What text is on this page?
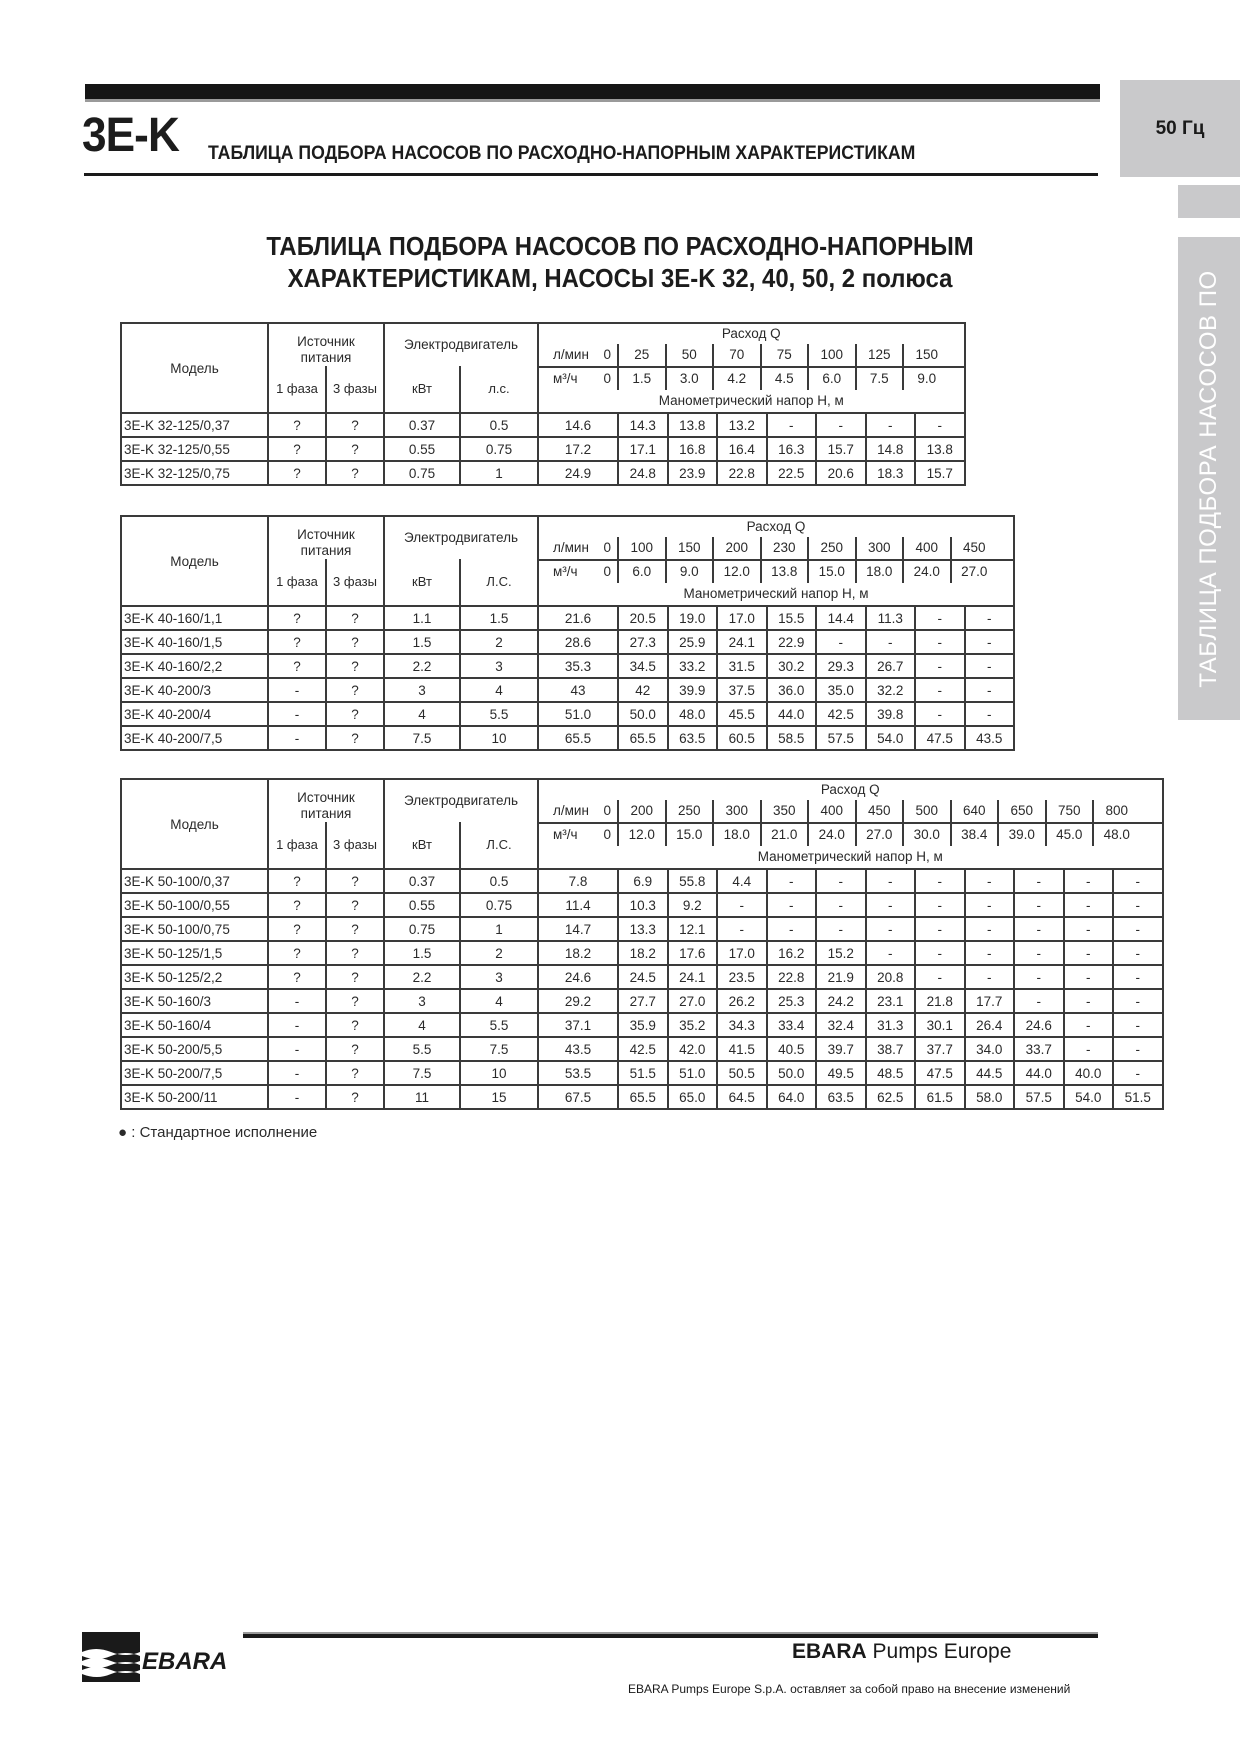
3E-K ТАБЛИЦА ПОДБОРА НАСОСОВ ПО РАСХОДНО-НАПОРНЫМ ХАРАКТЕРИСТИКАМ
50 Гц
ТАБЛИЦА ПОДБОРА НАСОСОВ ПО
ТАБЛИЦА ПОДБОРА НАСОСОВ ПО РАСХОДНО-НАПОРНЫМ
ХАРАКТЕРИСТИКАМ, НАСОСЫ 3E-K 32, 40, 50, 2 полюса
Модель	
Источник питания
	Электродвигатель	
Расход Q
л/мин 0	25	50	70	75	100	125	150
м³/ч 0	1.5	3.0	4.2	4.5	6.0	7.5	9.0
Манометрический напор H, м

	1 фаза	3 фазы	кВт	л.с.								

3E-K 32-125/0,37	?	?	0.37	0.5	14.6	14.3	13.8	13.2	-	-	-	-
3E-K 32-125/0,55	?	?	0.55	0.75	17.2	17.1	16.8	16.4	16.3	15.7	14.8	13.8
3E-K 32-125/0,75	?	?	0.75	1	24.9	24.8	23.9	22.8	22.5	20.6	18.3	15.7
Модель	
Источник питания
	Электродвигатель	
Расход Q
л/мин 0	100	150	200	230	250	300	400	450
м³/ч 0	6.0	9.0	12.0	13.8	15.0	18.0	24.0	27.0
Манометрический напор H, м

	1 фаза	3 фазы	кВт	Л.С.									

3E-K 40-160/1,1	?	?	1.1	1.5	21.6	20.5	19.0	17.0	15.5	14.4	11.3	-	-
3E-K 40-160/1,5	?	?	1.5	2	28.6	27.3	25.9	24.1	22.9	-	-	-	-
3E-K 40-160/2,2	?	?	2.2	3	35.3	34.5	33.2	31.5	30.2	29.3	26.7	-	-
3E-K 40-200/3	-	?	3	4	43	42	39.9	37.5	36.0	35.0	32.2	-	-
3E-K 40-200/4	-	?	4	5.5	51.0	50.0	48.0	45.5	44.0	42.5	39.8	-	-
3E-K 40-200/7,5	-	?	7.5	10	65.5	65.5	63.5	60.5	58.5	57.5	54.0	47.5	43.5
Модель	
Источник питания
	Электродвигатель	
Расход Q
л/мин 0	200	250	300	350	400	450	500	640	650	750	800
м³/ч 0	12.0	15.0	18.0	21.0	24.0	27.0	30.0	38.4	39.0	45.0	48.0
Манометрический напор H, м

	1 фаза	3 фазы	кВт	Л.С.												

3E-K 50-100/0,37	?	?	0.37	0.5	7.8	6.9	55.8	4.4	-	-	-	-	-	-	-	-
3E-K 50-100/0,55	?	?	0.55	0.75	11.4	10.3	9.2	-	-	-	-	-	-	-	-	-
3E-K 50-100/0,75	?	?	0.75	1	14.7	13.3	12.1	-	-	-	-	-	-	-	-	-
3E-K 50-125/1,5	?	?	1.5	2	18.2	18.2	17.6	17.0	16.2	15.2	-	-	-	-	-	-
3E-K 50-125/2,2	?	?	2.2	3	24.6	24.5	24.1	23.5	22.8	21.9	20.8	-	-	-	-	-
3E-K 50-160/3	-	?	3	4	29.2	27.7	27.0	26.2	25.3	24.2	23.1	21.8	17.7	-	-	-
3E-K 50-160/4	-	?	4	5.5	37.1	35.9	35.2	34.3	33.4	32.4	31.3	30.1	26.4	24.6	-	-
3E-K 50-200/5,5	-	?	5.5	7.5	43.5	42.5	42.0	41.5	40.5	39.7	38.7	37.7	34.0	33.7	-	-
3E-K 50-200/7,5	-	?	7.5	10	53.5	51.5	51.0	50.5	50.0	49.5	48.5	47.5	44.5	44.0	40.0	-
3E-K 50-200/11	-	?	11	15	67.5	65.5	65.0	64.5	64.0	63.5	62.5	61.5	58.0	57.5	54.0	51.5
● : Стандартное исполнение
EBARA	EBARA Pumps Europe
EBARA Pumps Europe S.p.A. оставляет за собой право на внесение изменений
